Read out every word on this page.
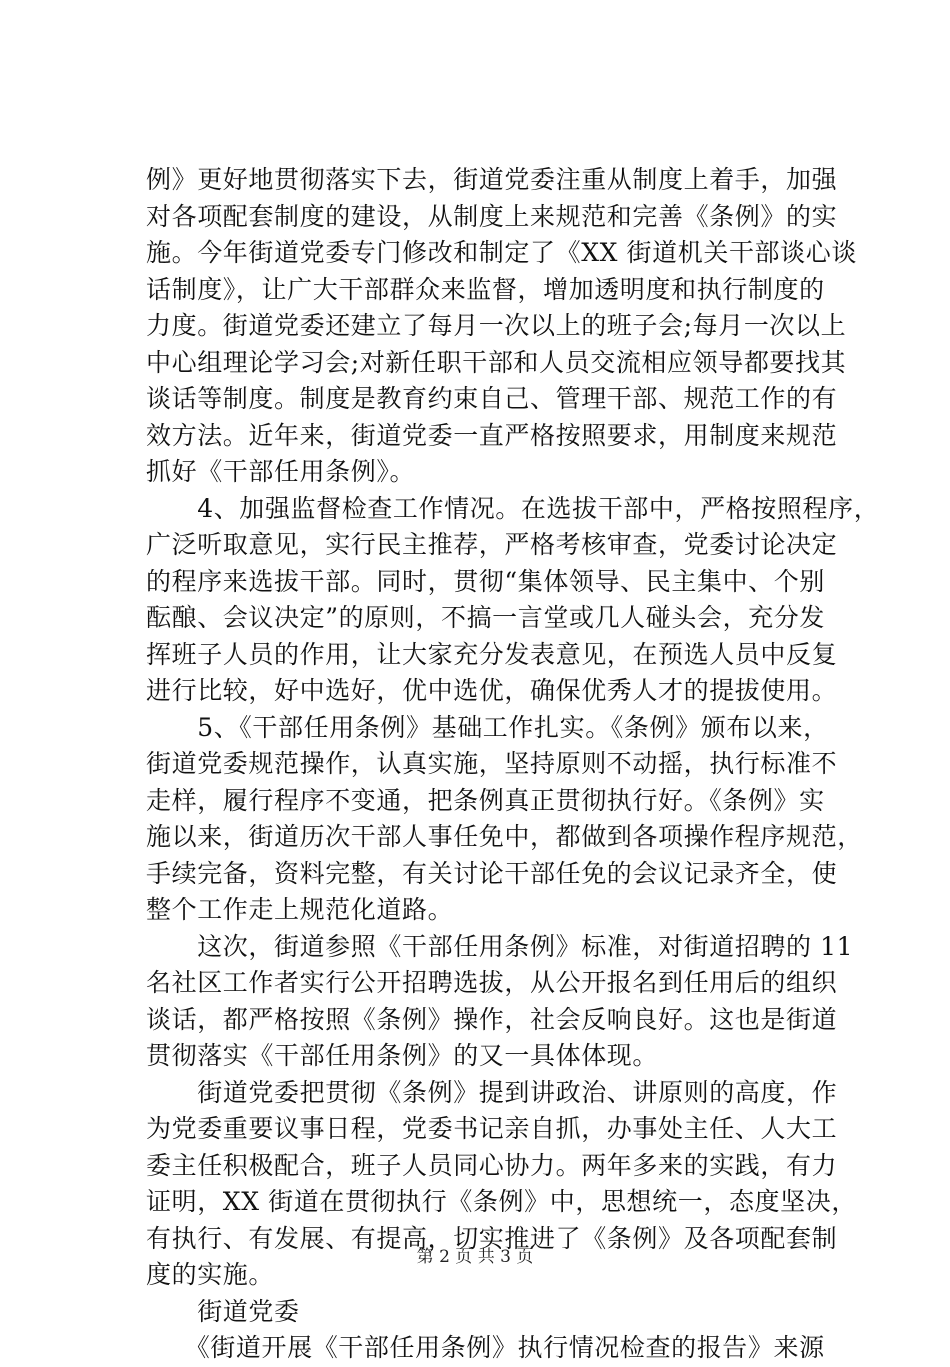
例》更好地贯彻落实下去，街道党委注重从制度上着手，加强
对各项配套制度的建设，从制度上来规范和完善《条例》的实
施。今年街道党委专门修改和制定了《XX 街道机关干部谈心谈
话制度》，让广大干部群众来监督，增加透明度和执行制度的
力度。街道党委还建立了每月一次以上的班子会;每月一次以上
中心组理论学习会;对新任职干部和人员交流相应领导都要找其
谈话等制度。制度是教育约束自己、管理干部、规范工作的有
效方法。近年来，街道党委一直严格按照要求，用制度来规范
抓好《干部任用条例》。
　　4、加强监督检查工作情况。在选拔干部中，严格按照程序，
广泛听取意见，实行民主推荐，严格考核审查，党委讨论决定
的程序来选拔干部。同时，贯彻“集体领导、民主集中、个别
酝酿、会议决定”的原则，不搞一言堂或几人碰头会，充分发
挥班子人员的作用，让大家充分发表意见，在预选人员中反复
进行比较，好中选好，优中选优，确保优秀人才的提拔使用。
　　5、《干部任用条例》基础工作扎实。《条例》颁布以来，
街道党委规范操作，认真实施，坚持原则不动摇，执行标准不
走样，履行程序不变通，把条例真正贯彻执行好。《条例》实
施以来，街道历次干部人事任免中，都做到各项操作程序规范，
手续完备，资料完整，有关讨论干部任免的会议记录齐全，使
整个工作走上规范化道路。
　　这次，街道参照《干部任用条例》标准，对街道招聘的 11
名社区工作者实行公开招聘选拔，从公开报名到任用后的组织
谈话，都严格按照《条例》操作，社会反响良好。这也是街道
贯彻落实《干部任用条例》的又一具体体现。
　　街道党委把贯彻《条例》提到讲政治、讲原则的高度，作
为党委重要议事日程，党委书记亲自抓，办事处主任、人大工
委主任积极配合，班子人员同心协力。两年多来的实践，有力
证明，XX 街道在贯彻执行《条例》中，思想统一，态度坚决，
有执行、有发展、有提高，切实推进了《条例》及各项配套制
度的实施。
　　街道党委
　　《街道开展《干部任用条例》执行情况检查的报告》来源
第 2 页 共 3 页
